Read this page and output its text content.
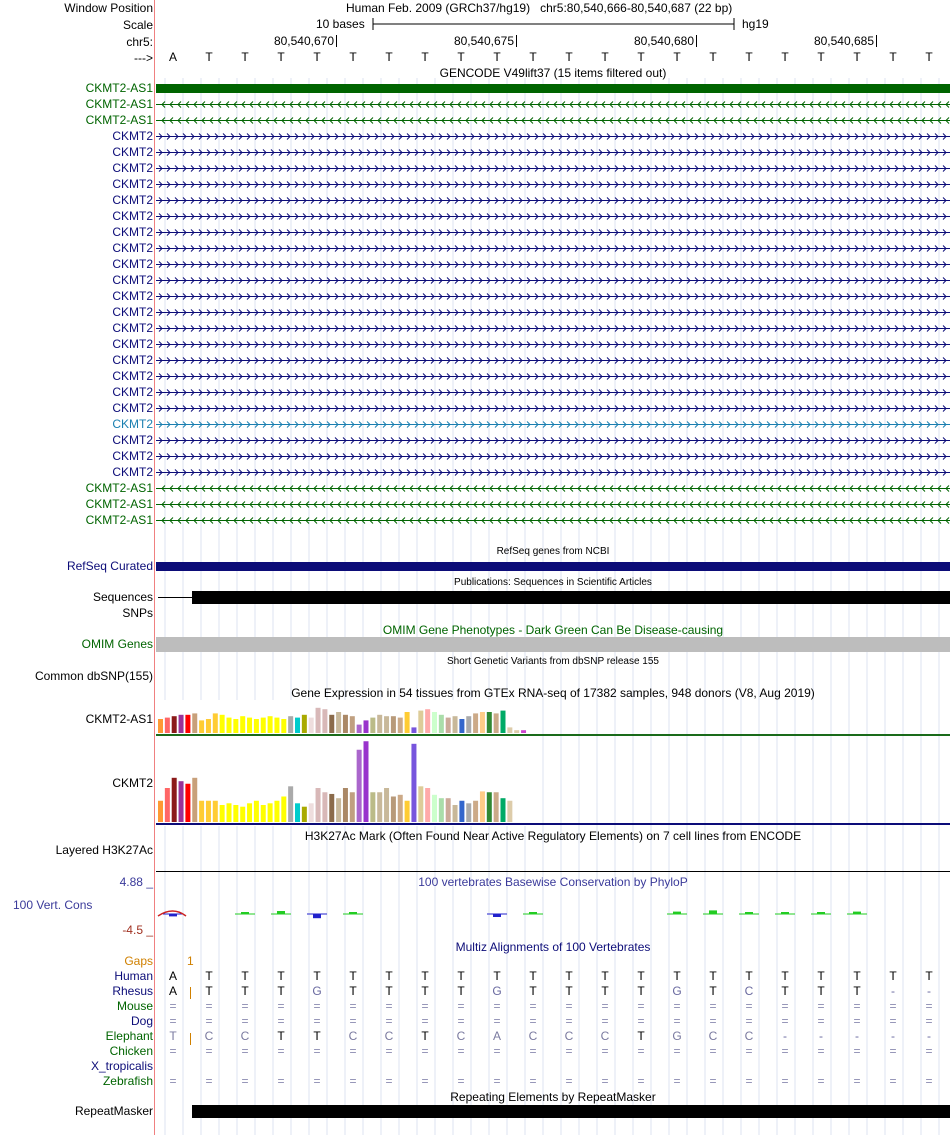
Window Position	Human Feb. 2009 (GRCh37/hg19)   chr5:80,540,666-80,540,687 (22 bp)
Scale	10 bases	hg19
chr5:
--->
80,540,670	80,540,675	80,540,680	80,540,685
A	T	T	T	T	T	T	T	T	T	T	T	T	T	T	T	T	T	T	T	T	T
GENCODE V49lift37 (15 items filtered out)
CKMT2-AS1
CKMT2-AS1
CKMT2-AS1
CKMT2
CKMT2
CKMT2
CKMT2
CKMT2
CKMT2
CKMT2
CKMT2
CKMT2
CKMT2
CKMT2
CKMT2
CKMT2
CKMT2
CKMT2
CKMT2
CKMT2
CKMT2
CKMT2
CKMT2
CKMT2
CKMT2
CKMT2-AS1
CKMT2-AS1
CKMT2-AS1
RefSeq genes from NCBI
RefSeq Curated
Publications: Sequences in Scientific Articles
Sequences
SNPs
OMIM Gene Phenotypes - Dark Green Can Be Disease-causing
OMIM Genes
Short Genetic Variants from dbSNP release 155
Common dbSNP(155)
Gene Expression in 54 tissues from GTEx RNA-seq of 17382 samples, 948 donors (V8, Aug 2019)
CKMT2-AS1
CKMT2
H3K27Ac Mark (Often Found Near Active Regulatory Elements) on 7 cell lines from ENCODE
Layered H3K27Ac
4.88 _	100 vertebrates Basewise Conservation by PhyloP
100 Vert. Cons
-4.5 _
Multiz Alignments of 100 Vertebrates
Gaps	1
Human	A	T	T	T	T	T	T	T	T	T	T	T	T	T	T	T	T	T	T	T	T	T
Rhesus	A	T	T	T	G	T	T	T	T	G	T	T	T	T	G	T	C	T	T	T	-	-
Mouse	=	=	=	=	=	=	=	=	=	=	=	=	=	=	=	=	=	=	=	=	=	=
Dog	=	=	=	=	=	=	=	=	=	=	=	=	=	=	=	=	=	=	=	=	=	=
Elephant	T	C	C	T	T	C	C	T	C	A	C	C	C	T	G	C	C	-	-	-	-	-
Chicken	=	=	=	=	=	=	=	=	=	=	=	=	=	=	=	=	=	=	=	=	=	=
X_tropicalis
Zebrafish	=	=	=	=	=	=	=	=	=	=	=	=	=	=	=	=	=	=	=	=	=	=
Repeating Elements by RepeatMasker
RepeatMasker
